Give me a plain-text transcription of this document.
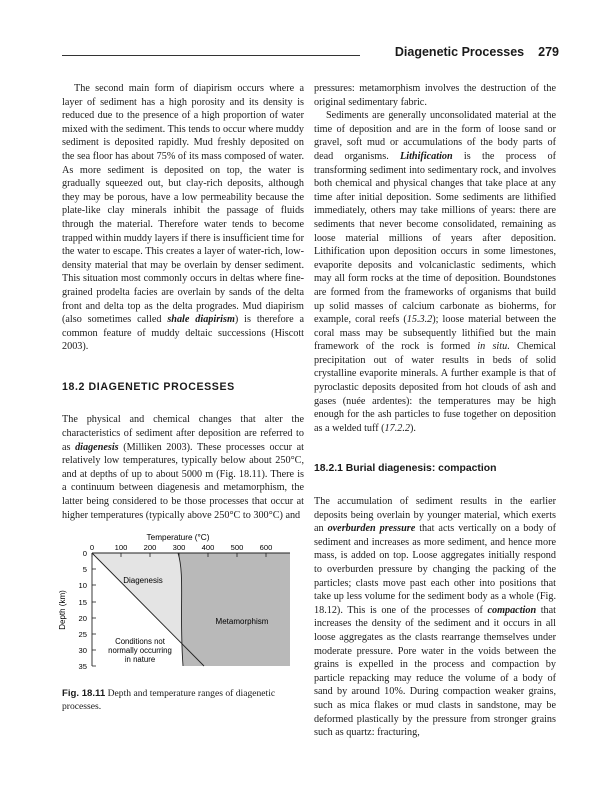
Diagenetic Processes 279

The second main form of diapirism occurs where a layer of sediment has a high porosity and its density is reduced due to the presence of a high proportion of water mixed with the sediment. This tends to occur where muddy sediment is deposited rapidly. Mud freshly deposited on the sea floor has about 75% of its mass composed of water. As more sediment is deposited on top, the water is gradually squeezed out, but clay-rich deposits, although they may be porous, have a low permeability because the plate-like clay minerals inhibit the passage of fluids through the material. Therefore water tends to become trapped within muddy layers if there is insufficient time for the water to escape. This creates a layer of water-rich, low-density material that may be overlain by denser sediment. This situation most commonly occurs in deltas where fine-grained prodelta facies are overlain by sands of the delta front and delta top as the delta progrades. Mud diapirism (also sometimes called shale diapirism) is therefore a common feature of muddy deltaic successions (Hiscott 2003).

18.2 DIAGENETIC PROCESSES

The physical and chemical changes that alter the characteristics of sediment after deposition are referred to as diagenesis (Milliken 2003). These processes occur at relatively low temperatures, typically below about 250°C, and at depths of up to about 5000 m (Fig. 18.11). There is a continuum between diagenesis and metamorphism, the latter being considered to be those processes that occur at higher temperatures (typically above 250°C to 300°C) and

Temperature (°C)
0	100 200 300 400 500 600
0
5
10
15
20
25
30
35
Depth (km)
Diagenesis
Metamorphism
Conditions not
normally occurring
in nature
Fig. 18.11 Depth and temperature ranges of diagenetic processes.

pressures: metamorphism involves the destruction of the original sedimentary fabric.

Sediments are generally unconsolidated material at the time of deposition and are in the form of loose sand or gravel, soft mud or accumulations of the body parts of dead organisms. Lithification is the process of transforming sediment into sedimentary rock, and involves both chemical and physical changes that take place at any time after initial deposition. Some sediments are lithified immediately, others may take millions of years: there are sediments that never become consolidated, remaining as loose material millions of years after deposition. Lithification upon deposition occurs in some limestones, evaporite deposits and volcaniclastic sediments, which may all form rocks at the time of deposition. Boundstones are formed from the frameworks of organisms that build up solid masses of calcium carbonate as bioherms, for example, coral reefs (15.3.2); loose material between the coral mass may be subsequently lithified but the main framework of the rock is formed in situ. Chemical precipitation out of water results in beds of solid crystalline evaporite minerals. A further example is that of pyroclastic deposits deposited from hot clouds of ash and gases (nuée ardentes): the temperatures may be high enough for the ash particles to fuse together on deposition as a welded tuff (17.2.2).

18.2.1 Burial diagenesis: compaction

The accumulation of sediment results in the earlier deposits being overlain by younger material, which exerts an overburden pressure that acts vertically on a body of sediment and increases as more sediment, and hence more mass, is added on top. Loose aggregates initially respond to overburden pressure by changing the packing of the particles; clasts move past each other into positions that take up less volume for the sediment body as a whole (Fig. 18.12). This is one of the processes of compaction that increases the density of the sediment and it occurs in all loose aggregates as the clasts rearrange themselves under moderate pressure. Pore water in the voids between the grains is expelled in the process and compaction by particle repacking may reduce the volume of a body of sand by around 10%. During compaction weaker grains, such as mica flakes or mud clasts in sandstone, may be deformed plastically by the pressure from stronger grains such as quartz: fracturing,
